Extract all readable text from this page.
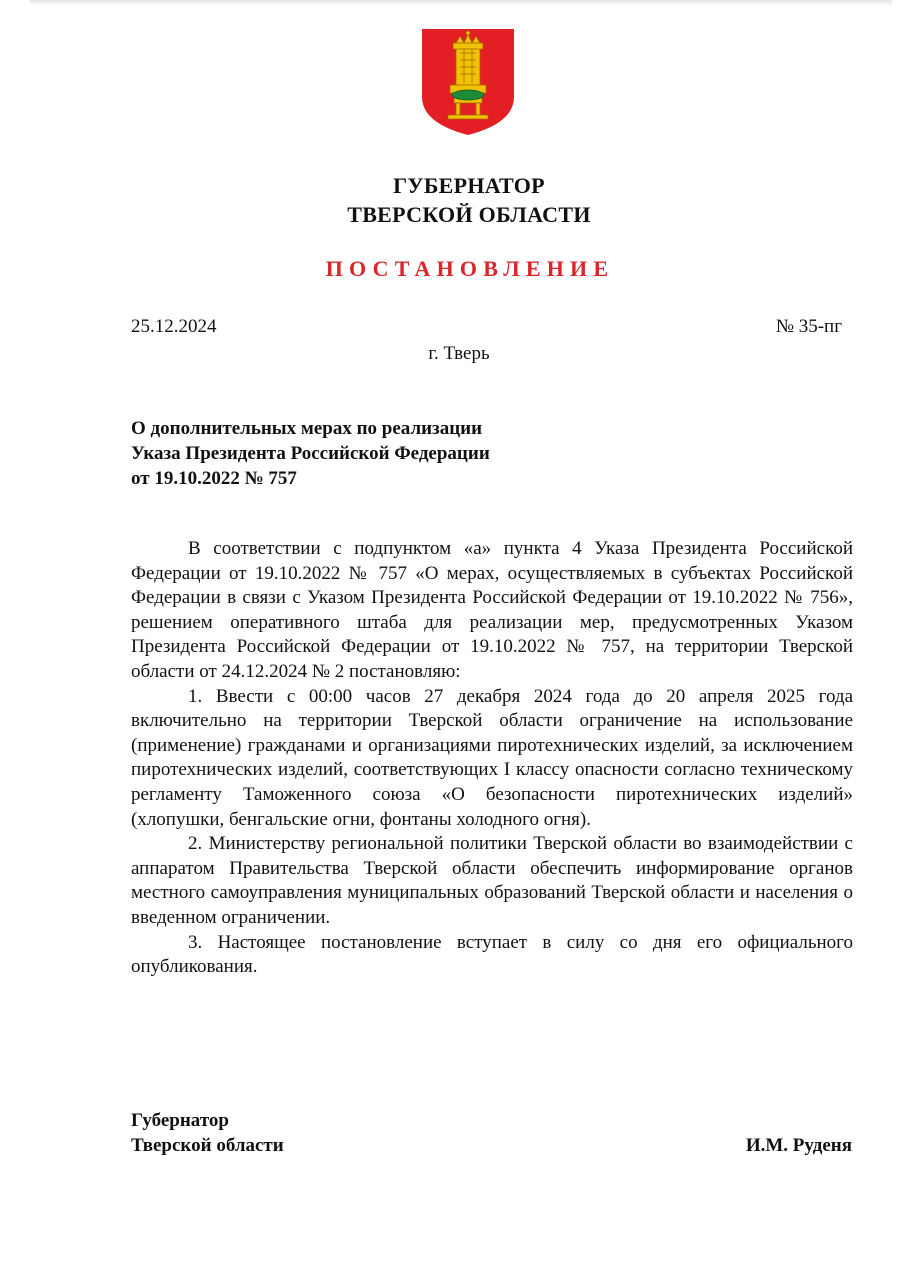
ГУБЕРНАТОР
ТВЕРСКОЙ ОБЛАСТИ
ПОСТАНОВЛЕНИЕ
25.12.2024	№ 35-пг
г. Тверь
О дополнительных мерах по реализации
Указа Президента Российской Федерации
от 19.10.2022 № 757

В соответствии с подпунктом «а» пункта 4 Указа Президента Российской Федерации от 19.10.2022 № 757 «О мерах, осуществляемых в субъектах Российской Федерации в связи с Указом Президента Российской Федерации от 19.10.2022 № 756», решением оперативного штаба для реализации мер, предусмотренных Указом Президента Российской Федерации от 19.10.2022 № 757, на территории Тверской области от 24.12.2024 № 2 постановляю:

1. Ввести с 00:00 часов 27 декабря 2024 года до 20 апреля 2025 года включительно на территории Тверской области ограничение на использование (применение) гражданами и организациями пиротехнических изделий, за исключением пиротехнических изделий, соответствующих I классу опасности согласно техническому регламенту Таможенного союза «О безопасности пиротехнических изделий» (хлопушки, бенгальские огни, фонтаны холодного огня).

2. Министерству региональной политики Тверской области во взаимодействии с аппаратом Правительства Тверской области обеспечить информирование органов местного самоуправления муниципальных образований Тверской области и населения о введенном ограничении.

3. Настоящее постановление вступает в силу со дня его официального опубликования.

Губернатор
Тверской области	И.М. Руденя
